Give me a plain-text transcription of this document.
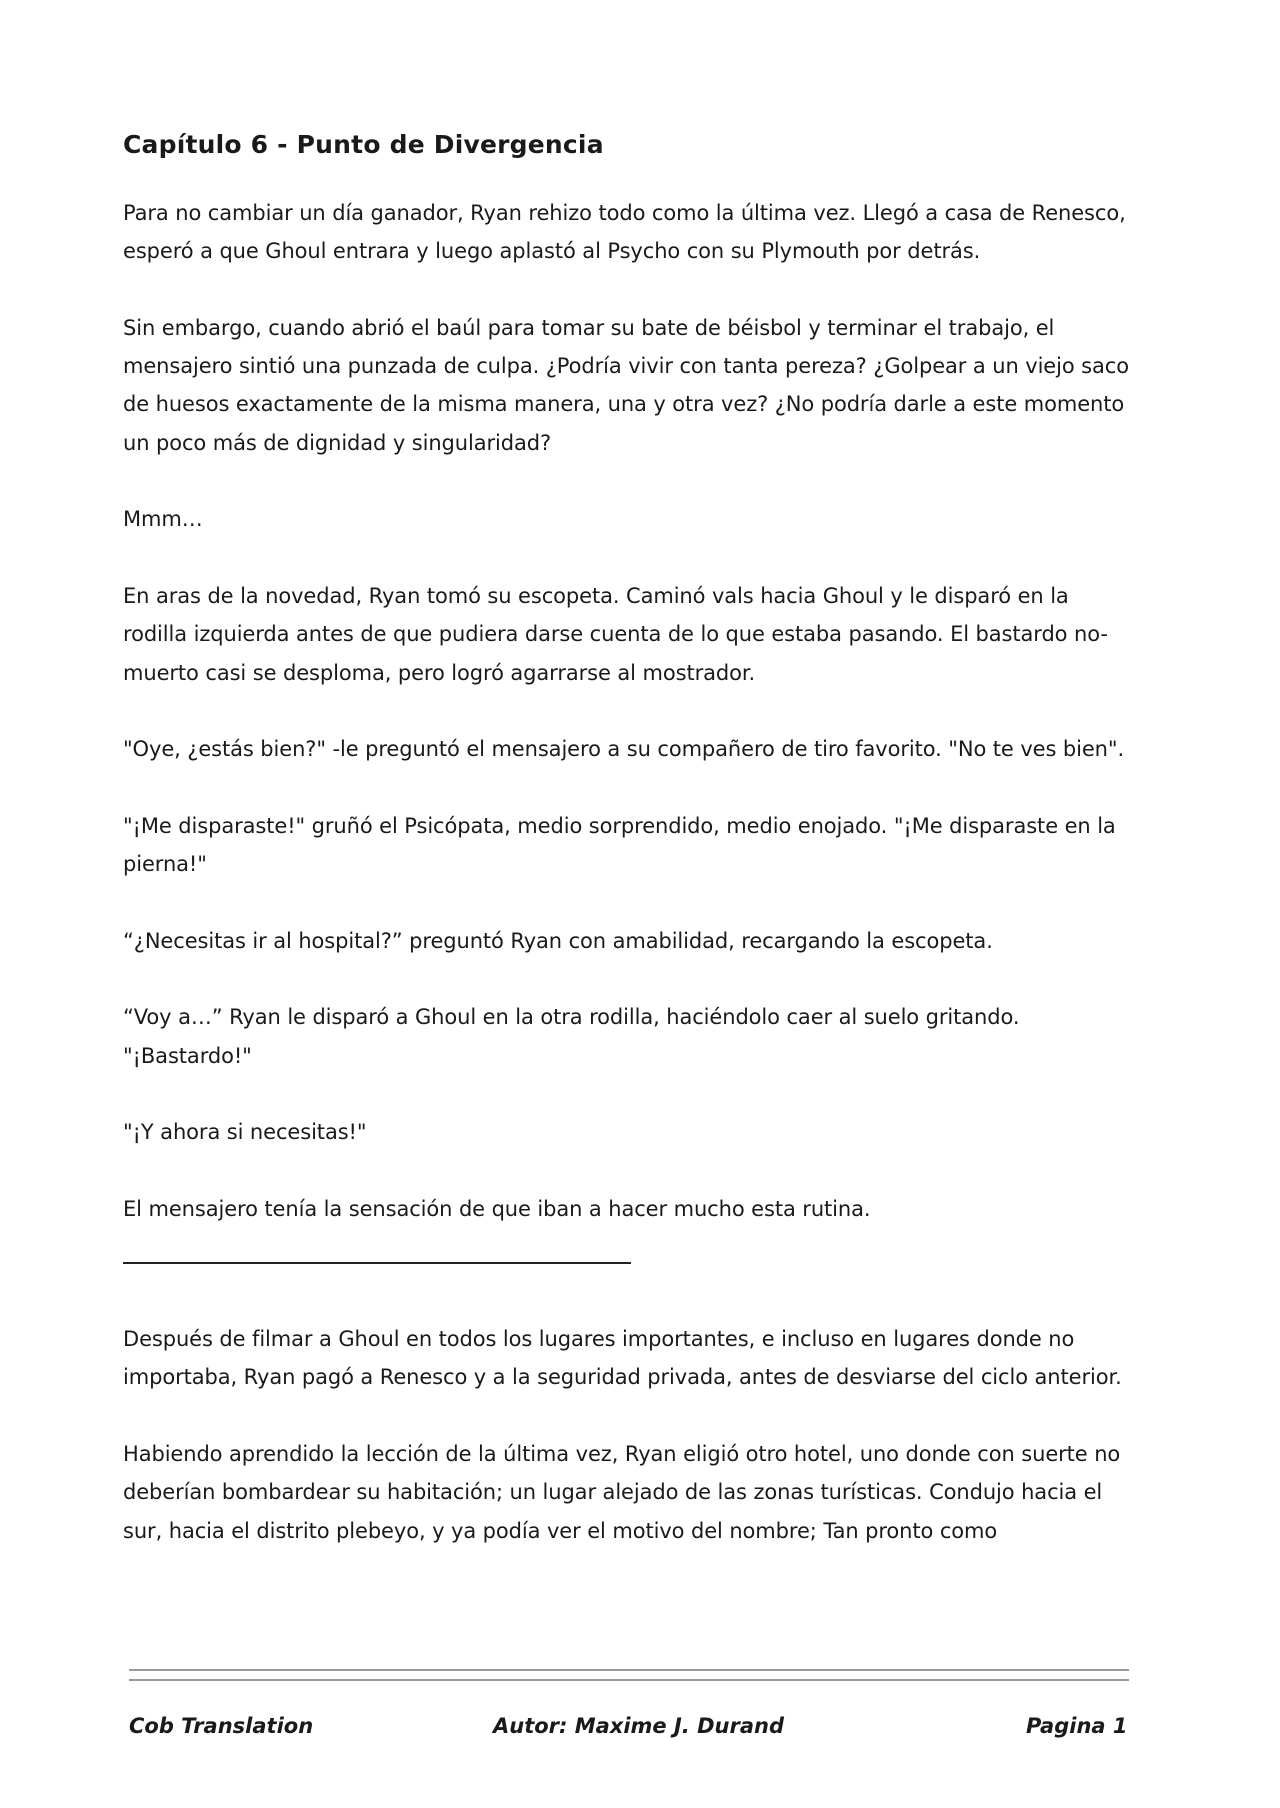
Capítulo 6 - Punto de Divergencia

Para no cambiar un día ganador, Ryan rehizo todo como la última vez. Llegó a casa de Renesco, esperó a que Ghoul entrara y luego aplastó al Psycho con su Plymouth por detrás.

Sin embargo, cuando abrió el baúl para tomar su bate de béisbol y terminar el trabajo, el mensajero sintió una punzada de culpa. ¿Podría vivir con tanta pereza? ¿Golpear a un viejo saco de huesos exactamente de la misma manera, una y otra vez? ¿No podría darle a este momento un poco más de dignidad y singularidad?

Mmm…

En aras de la novedad, Ryan tomó su escopeta. Caminó vals hacia Ghoul y le disparó en la rodilla izquierda antes de que pudiera darse cuenta de lo que estaba pasando. El bastardo no-muerto casi se desploma, pero logró agarrarse al mostrador.

"Oye, ¿estás bien?" -le preguntó el mensajero a su compañero de tiro favorito. "No te ves bien".

"¡Me disparaste!" gruñó el Psicópata, medio sorprendido, medio enojado. "¡Me disparaste en la pierna!"

“¿Necesitas ir al hospital?” preguntó Ryan con amabilidad, recargando la escopeta.

“Voy a…” Ryan le disparó a Ghoul en la otra rodilla, haciéndolo caer al suelo gritando. "¡Bastardo!"

"¡Y ahora si necesitas!"

El mensajero tenía la sensación de que iban a hacer mucho esta rutina.

Después de filmar a Ghoul en todos los lugares importantes, e incluso en lugares donde no importaba, Ryan pagó a Renesco y a la seguridad privada, antes de desviarse del ciclo anterior.

Habiendo aprendido la lección de la última vez, Ryan eligió otro hotel, uno donde con suerte no deberían bombardear su habitación; un lugar alejado de las zonas turísticas. Condujo hacia el sur, hacia el distrito plebeyo, y ya podía ver el motivo del nombre; Tan pronto como

Cob Translation	Autor: Maxime J. Durand	Pagina 1
